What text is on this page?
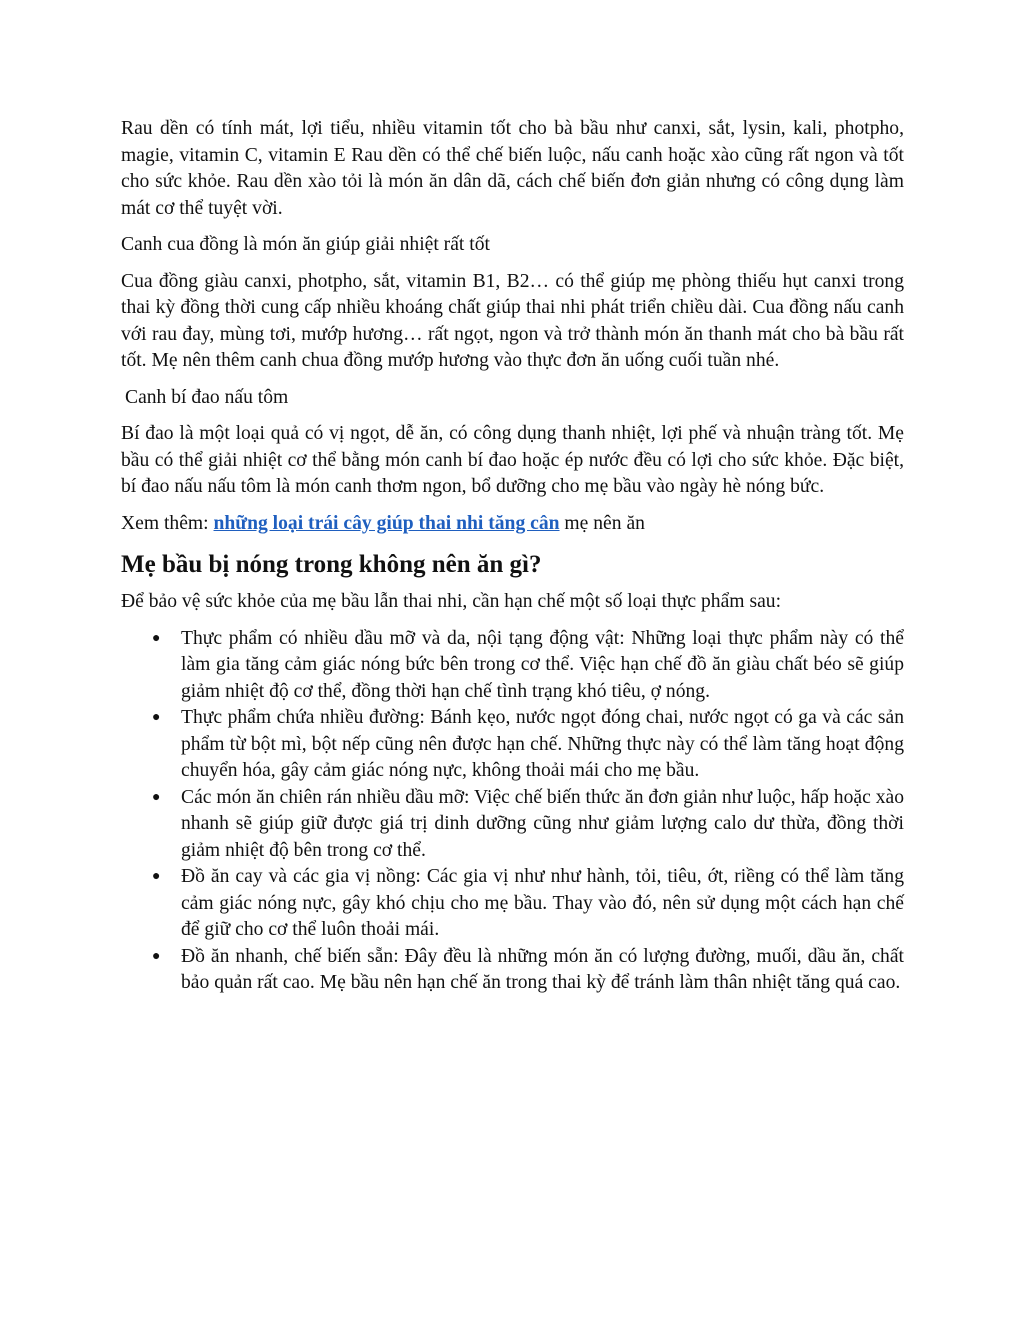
Rau dền có tính mát, lợi tiểu, nhiều vitamin tốt cho bà bầu như canxi, sắt, lysin, kali, photpho, magie, vitamin C, vitamin E Rau dền có thể chế biến luộc, nấu canh hoặc xào cũng rất ngon và tốt cho sức khỏe. Rau dền xào tỏi là món ăn dân dã, cách chế biến đơn giản nhưng có công dụng làm mát cơ thể tuyệt vời.

Canh cua đồng là món ăn giúp giải nhiệt rất tốt

Cua đồng giàu canxi, photpho, sắt, vitamin B1, B2… có thể giúp mẹ phòng thiếu hụt canxi trong thai kỳ đồng thời cung cấp nhiều khoáng chất giúp thai nhi phát triển chiều dài. Cua đồng nấu canh với rau đay, mùng tơi, mướp hương… rất ngọt, ngon và trở thành món ăn thanh mát cho bà bầu rất tốt. Mẹ nên thêm canh chua đồng mướp hương vào thực đơn ăn uống cuối tuần nhé.

Canh bí đao nấu tôm

Bí đao là một loại quả có vị ngọt, dễ ăn, có công dụng thanh nhiệt, lợi phế và nhuận tràng tốt. Mẹ bầu có thể giải nhiệt cơ thể bằng món canh bí đao hoặc ép nước đều có lợi cho sức khỏe. Đặc biệt, bí đao nấu nấu tôm là món canh thơm ngon, bổ dưỡng cho mẹ bầu vào ngày hè nóng bức.

Xem thêm: những loại trái cây giúp thai nhi tăng cân mẹ nên ăn

Mẹ bầu bị nóng trong không nên ăn gì?

Để bảo vệ sức khỏe của mẹ bầu lẫn thai nhi, cần hạn chế một số loại thực phẩm sau:

● Thực phẩm có nhiều dầu mỡ và da, nội tạng động vật: Những loại thực phẩm này có thể làm gia tăng cảm giác nóng bức bên trong cơ thể. Việc hạn chế đồ ăn giàu chất béo sẽ giúp giảm nhiệt độ cơ thể, đồng thời hạn chế tình trạng khó tiêu, ợ nóng.
● Thực phẩm chứa nhiều đường: Bánh kẹo, nước ngọt đóng chai, nước ngọt có ga và các sản phẩm từ bột mì, bột nếp cũng nên được hạn chế. Những thực này có thể làm tăng hoạt động chuyển hóa, gây cảm giác nóng nực, không thoải mái cho mẹ bầu.
● Các món ăn chiên rán nhiều dầu mỡ: Việc chế biến thức ăn đơn giản như luộc, hấp hoặc xào nhanh sẽ giúp giữ được giá trị dinh dưỡng cũng như giảm lượng calo dư thừa, đồng thời giảm nhiệt độ bên trong cơ thể.
● Đồ ăn cay và các gia vị nồng: Các gia vị như như hành, tỏi, tiêu, ớt, riềng có thể làm tăng cảm giác nóng nực, gây khó chịu cho mẹ bầu. Thay vào đó, nên sử dụng một cách hạn chế để giữ cho cơ thể luôn thoải mái.
● Đồ ăn nhanh, chế biến sẵn: Đây đều là những món ăn có lượng đường, muối, dầu ăn, chất bảo quản rất cao. Mẹ bầu nên hạn chế ăn trong thai kỳ để tránh làm thân nhiệt tăng quá cao.
